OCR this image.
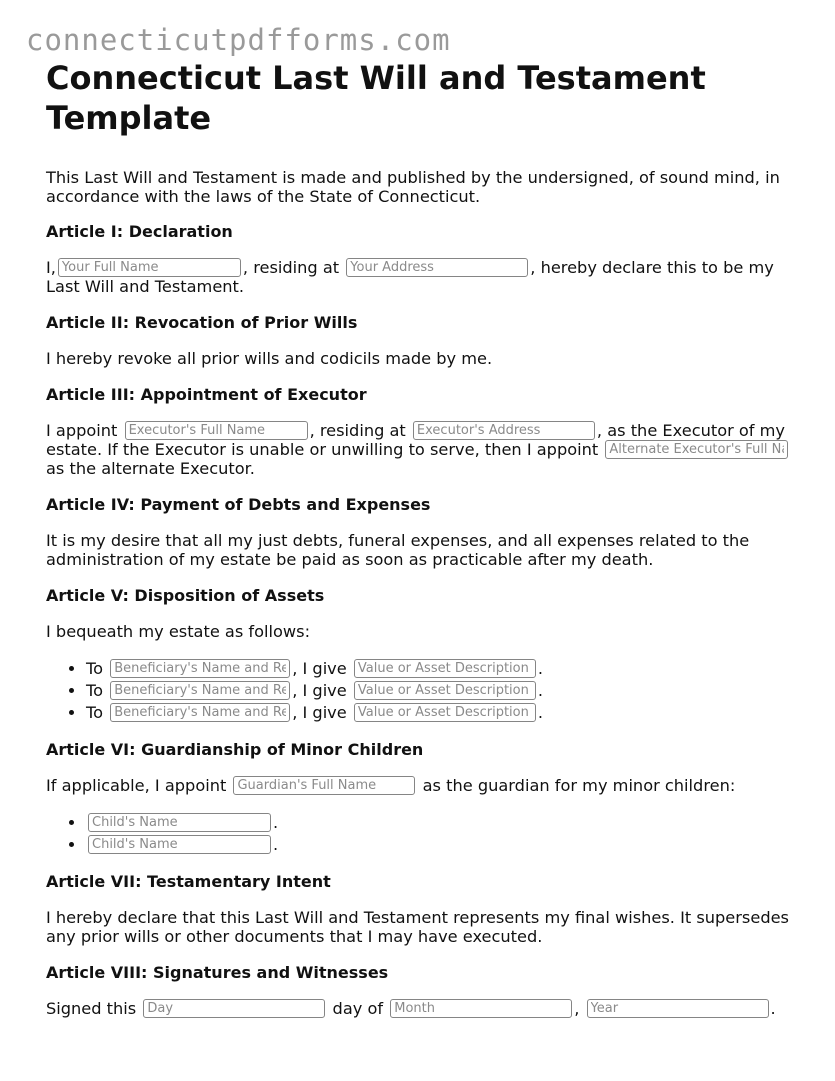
connecticutpdfforms.com
Connecticut Last Will and Testament Template

This Last Will and Testament is made and published by the undersigned, of sound mind, in accordance with the laws of the State of Connecticut.

Article I: Declaration

I,Your Full Name	, residing at Your Address	, hereby declare this to be my Last Will and Testament.

Article II: Revocation of Prior Wills

I hereby revoke all prior wills and codicils made by me.

Article III: Appointment of Executor

I appoint Executor's Full Name	, residing at Executor's Address	, as the Executor of my estate. If the Executor is unable or unwilling to serve, then I appoint Alternate Executor's Full Name as the alternate Executor.

Article IV: Payment of Debts and Expenses

It is my desire that all my just debts, funeral expenses, and all expenses related to the administration of my estate be paid as soon as practicable after my death.

Article V: Disposition of Assets

I bequeath my estate as follows:

• To Beneficiary's Name and Relationship	, I give Value or Asset Description	.
• To Beneficiary's Name and Relationship	, I give Value or Asset Description	.
• To Beneficiary's Name and Relationship	, I give Value or Asset Description	.
Article VI: Guardianship of Minor Children

If applicable, I appoint Guardian's Full Name	as the guardian for my minor children:

Child's Name • .
Child's Name • .
Article VII: Testamentary Intent

I hereby declare that this Last Will and Testament represents my final wishes. It supersedes any prior wills or other documents that I may have executed.

Article VIII: Signatures and Witnesses

Signed this Day	day of Month	, Year	.
